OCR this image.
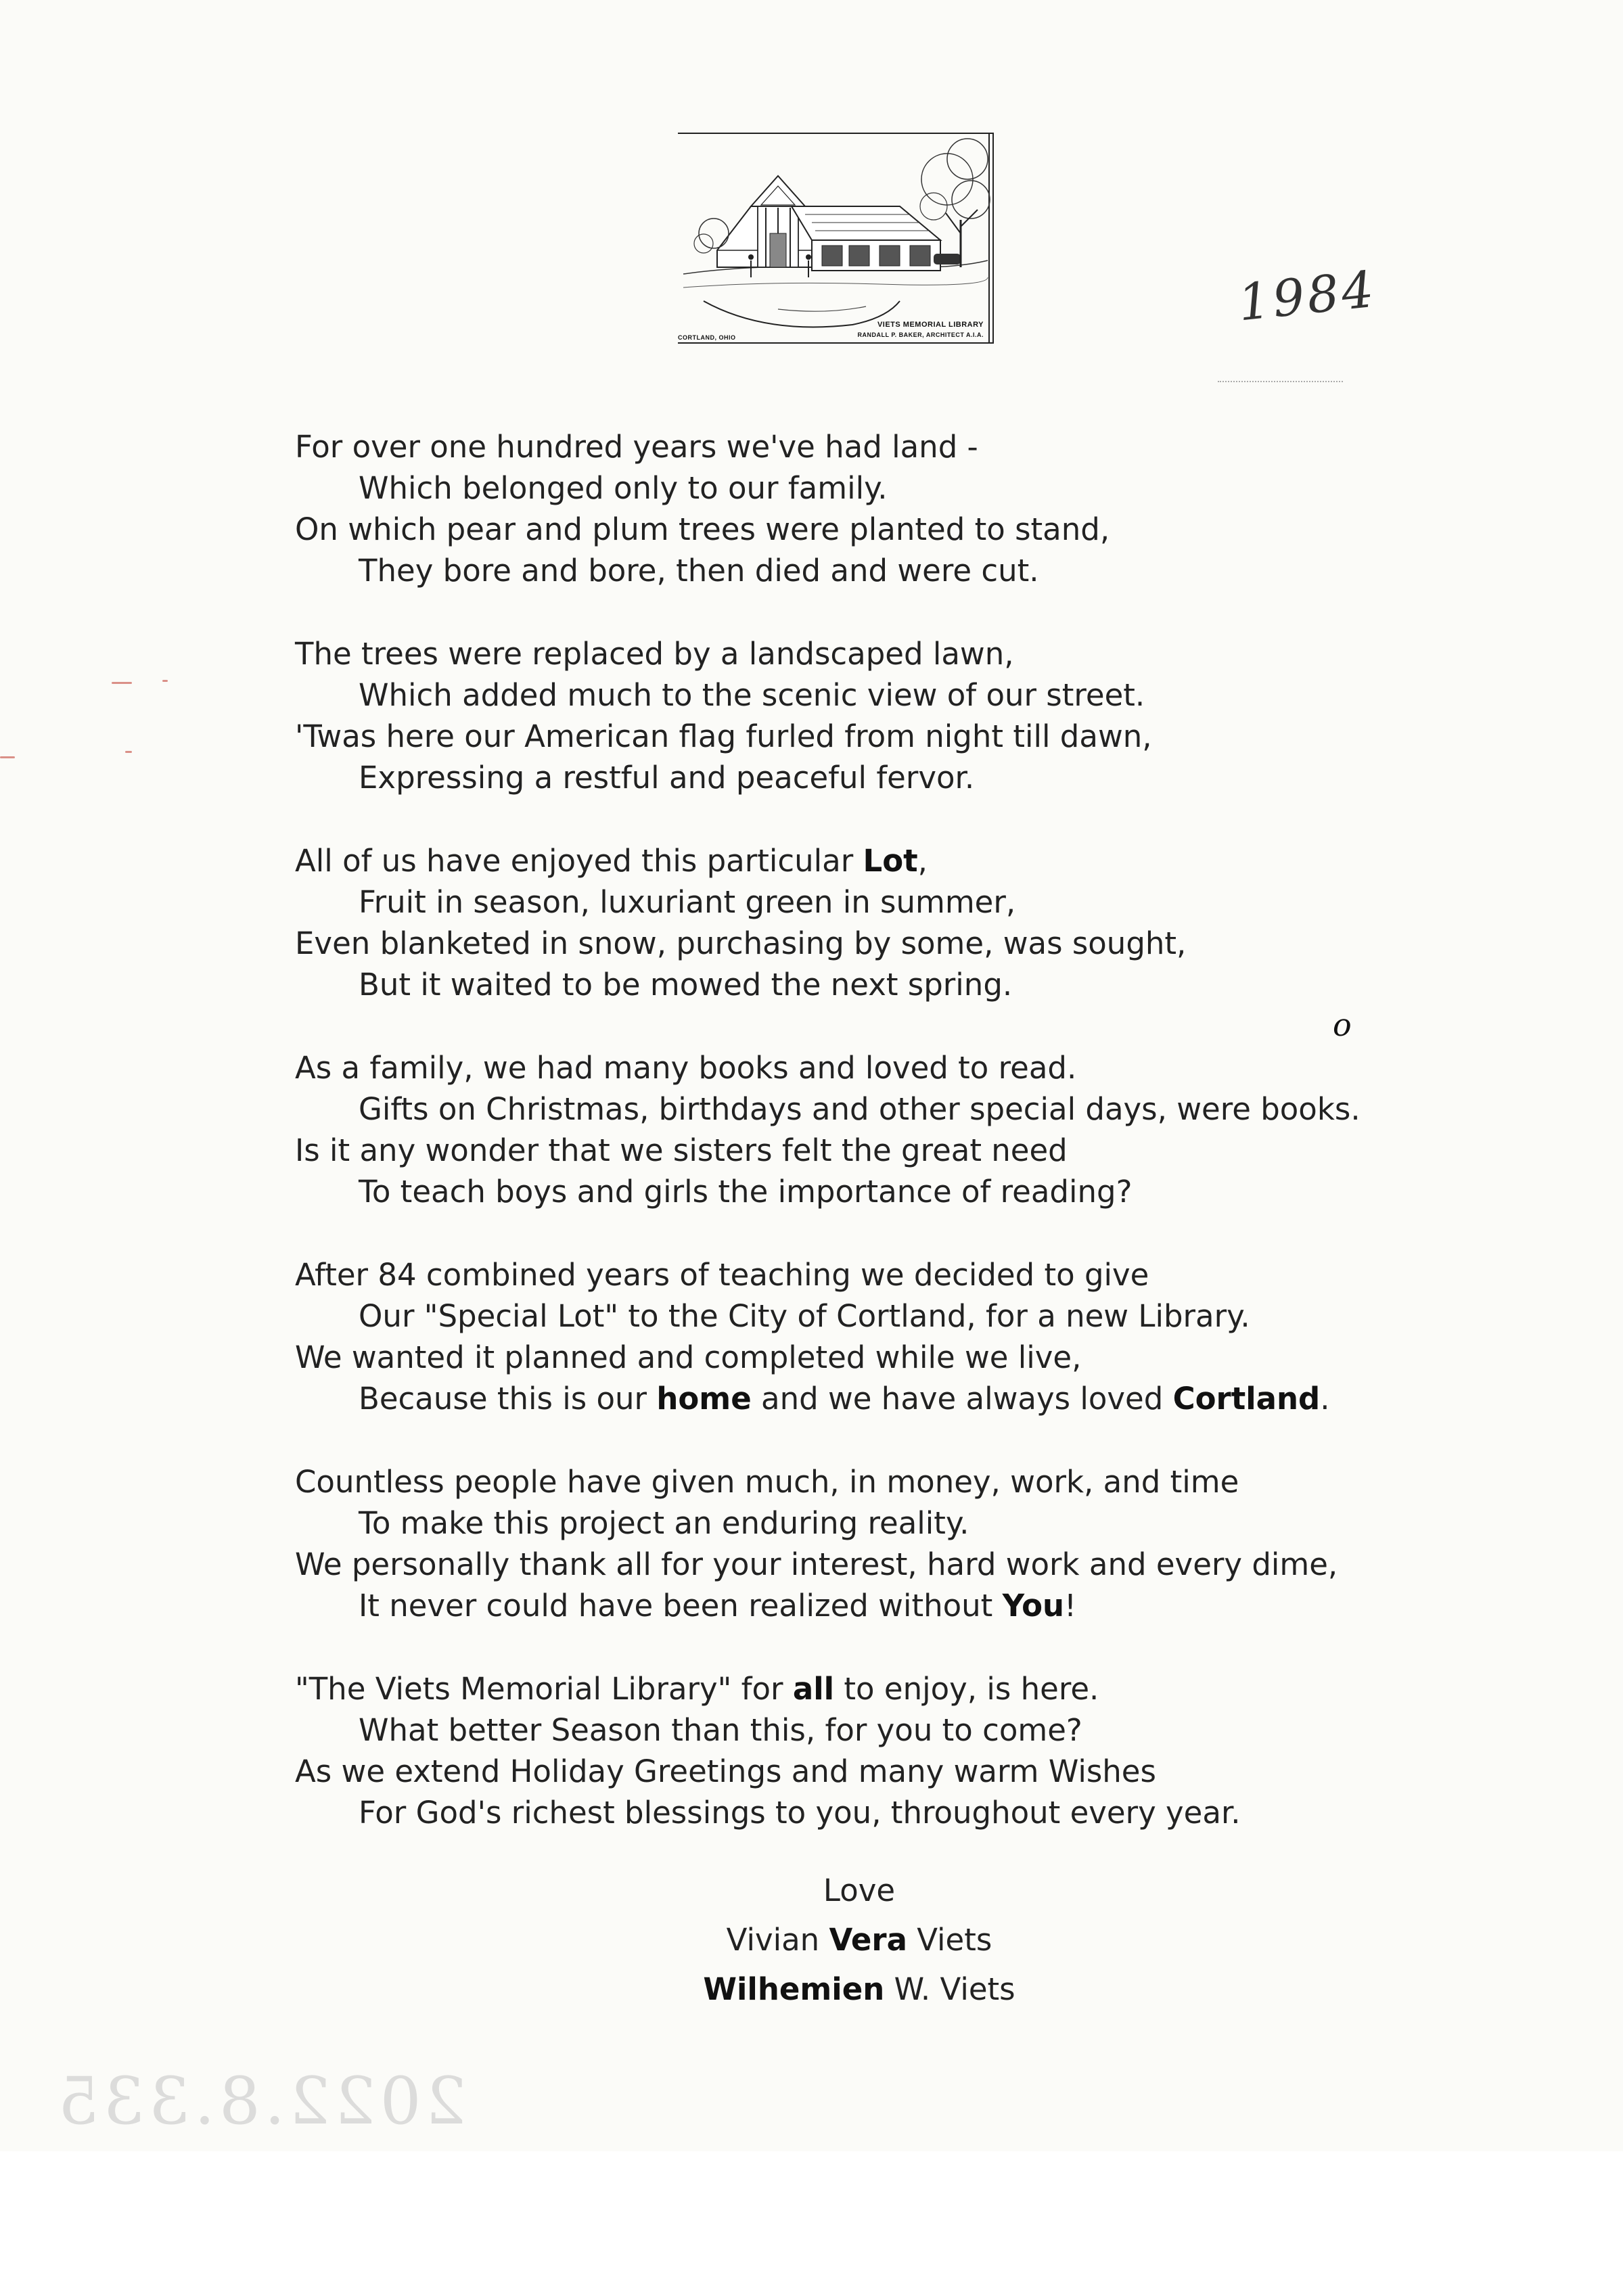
VIETS MEMORIAL LIBRARY
RANDALL P. BAKER, ARCHITECT A.I.A.
CORTLAND, OHIO
1984
o
2022.8.335
For over one hundred years we've had land -
Which belonged only to our family.
On which pear and plum trees were planted to stand,
They bore and bore, then died and were cut.
The trees were replaced by a landscaped lawn,
Which added much to the scenic view of our street.
'Twas here our American flag furled from night till dawn,
Expressing a restful and peaceful fervor.
All of us have enjoyed this particular Lot,
Fruit in season, luxuriant green in summer,
Even blanketed in snow, purchasing by some, was sought,
But it waited to be mowed the next spring.
As a family, we had many books and loved to read.
Gifts on Christmas, birthdays and other special days, were books.
Is it any wonder that we sisters felt the great need
To teach boys and girls the importance of reading?
After 84 combined years of teaching we decided to give
Our "Special Lot" to the City of Cortland, for a new Library.
We wanted it planned and completed while we live,
Because this is our home and we have always loved Cortland.
Countless people have given much, in money, work, and time
To make this project an enduring reality.
We personally thank all for your interest, hard work and every dime,
It never could have been realized without You!
"The Viets Memorial Library" for all to enjoy, is here.
What better Season than this, for you to come?
As we extend Holiday Greetings and many warm Wishes
For God's richest blessings to you, throughout every year.
Love
Vivian Vera Viets
Wilhemien W. Viets
